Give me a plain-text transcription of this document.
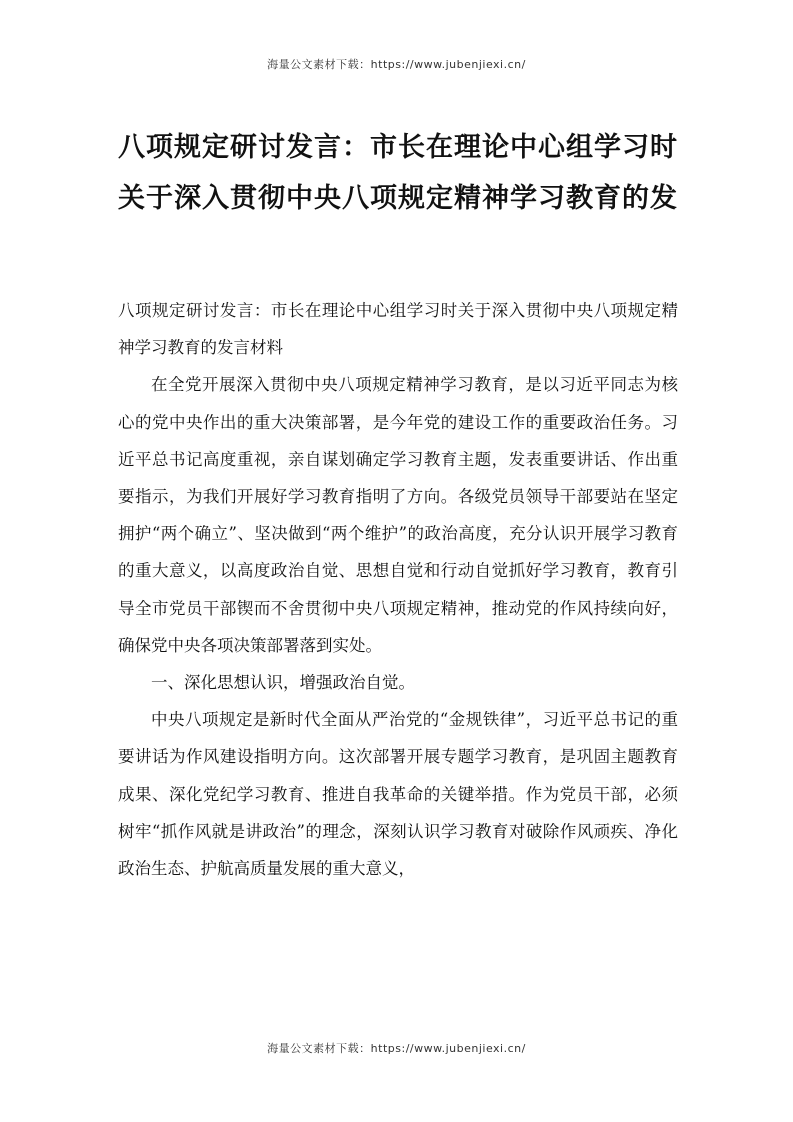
海量公文素材下载：https://www.jubenjiexi.cn/
八项规定研讨发言：市长在理论中心组学习时关于深入贯彻中央八项规定精神学习教育的发

八项规定研讨发言：市长在理论中心组学习时关于深入贯彻中央八项规定精神学习教育的发言材料

在全党开展深入贯彻中央八项规定精神学习教育，是以习近平同志为核心的党中央作出的重大决策部署，是今年党的建设工作的重要政治任务。习近平总书记高度重视，亲自谋划确定学习教育主题，发表重要讲话、作出重要指示，为我们开展好学习教育指明了方向。各级党员领导干部要站在坚定拥护“两个确立”、坚决做到“两个维护”的政治高度，充分认识开展学习教育的重大意义，以高度政治自觉、思想自觉和行动自觉抓好学习教育，教育引导全市党员干部锲而不舍贯彻中央八项规定精神，推动党的作风持续向好，确保党中央各项决策部署落到实处。

一、深化思想认识，增强政治自觉。

中央八项规定是新时代全面从严治党的“金规铁律”，习近平总书记的重要讲话为作风建设指明方向。这次部署开展专题学习教育，是巩固主题教育成果、深化党纪学习教育、推进自我革命的关键举措。作为党员干部，必须树牢“抓作风就是讲政治”的理念，深刻认识学习教育对破除作风顽疾、净化政治生态、护航高质量发展的重大意义，

海量公文素材下载：https://www.jubenjiexi.cn/
